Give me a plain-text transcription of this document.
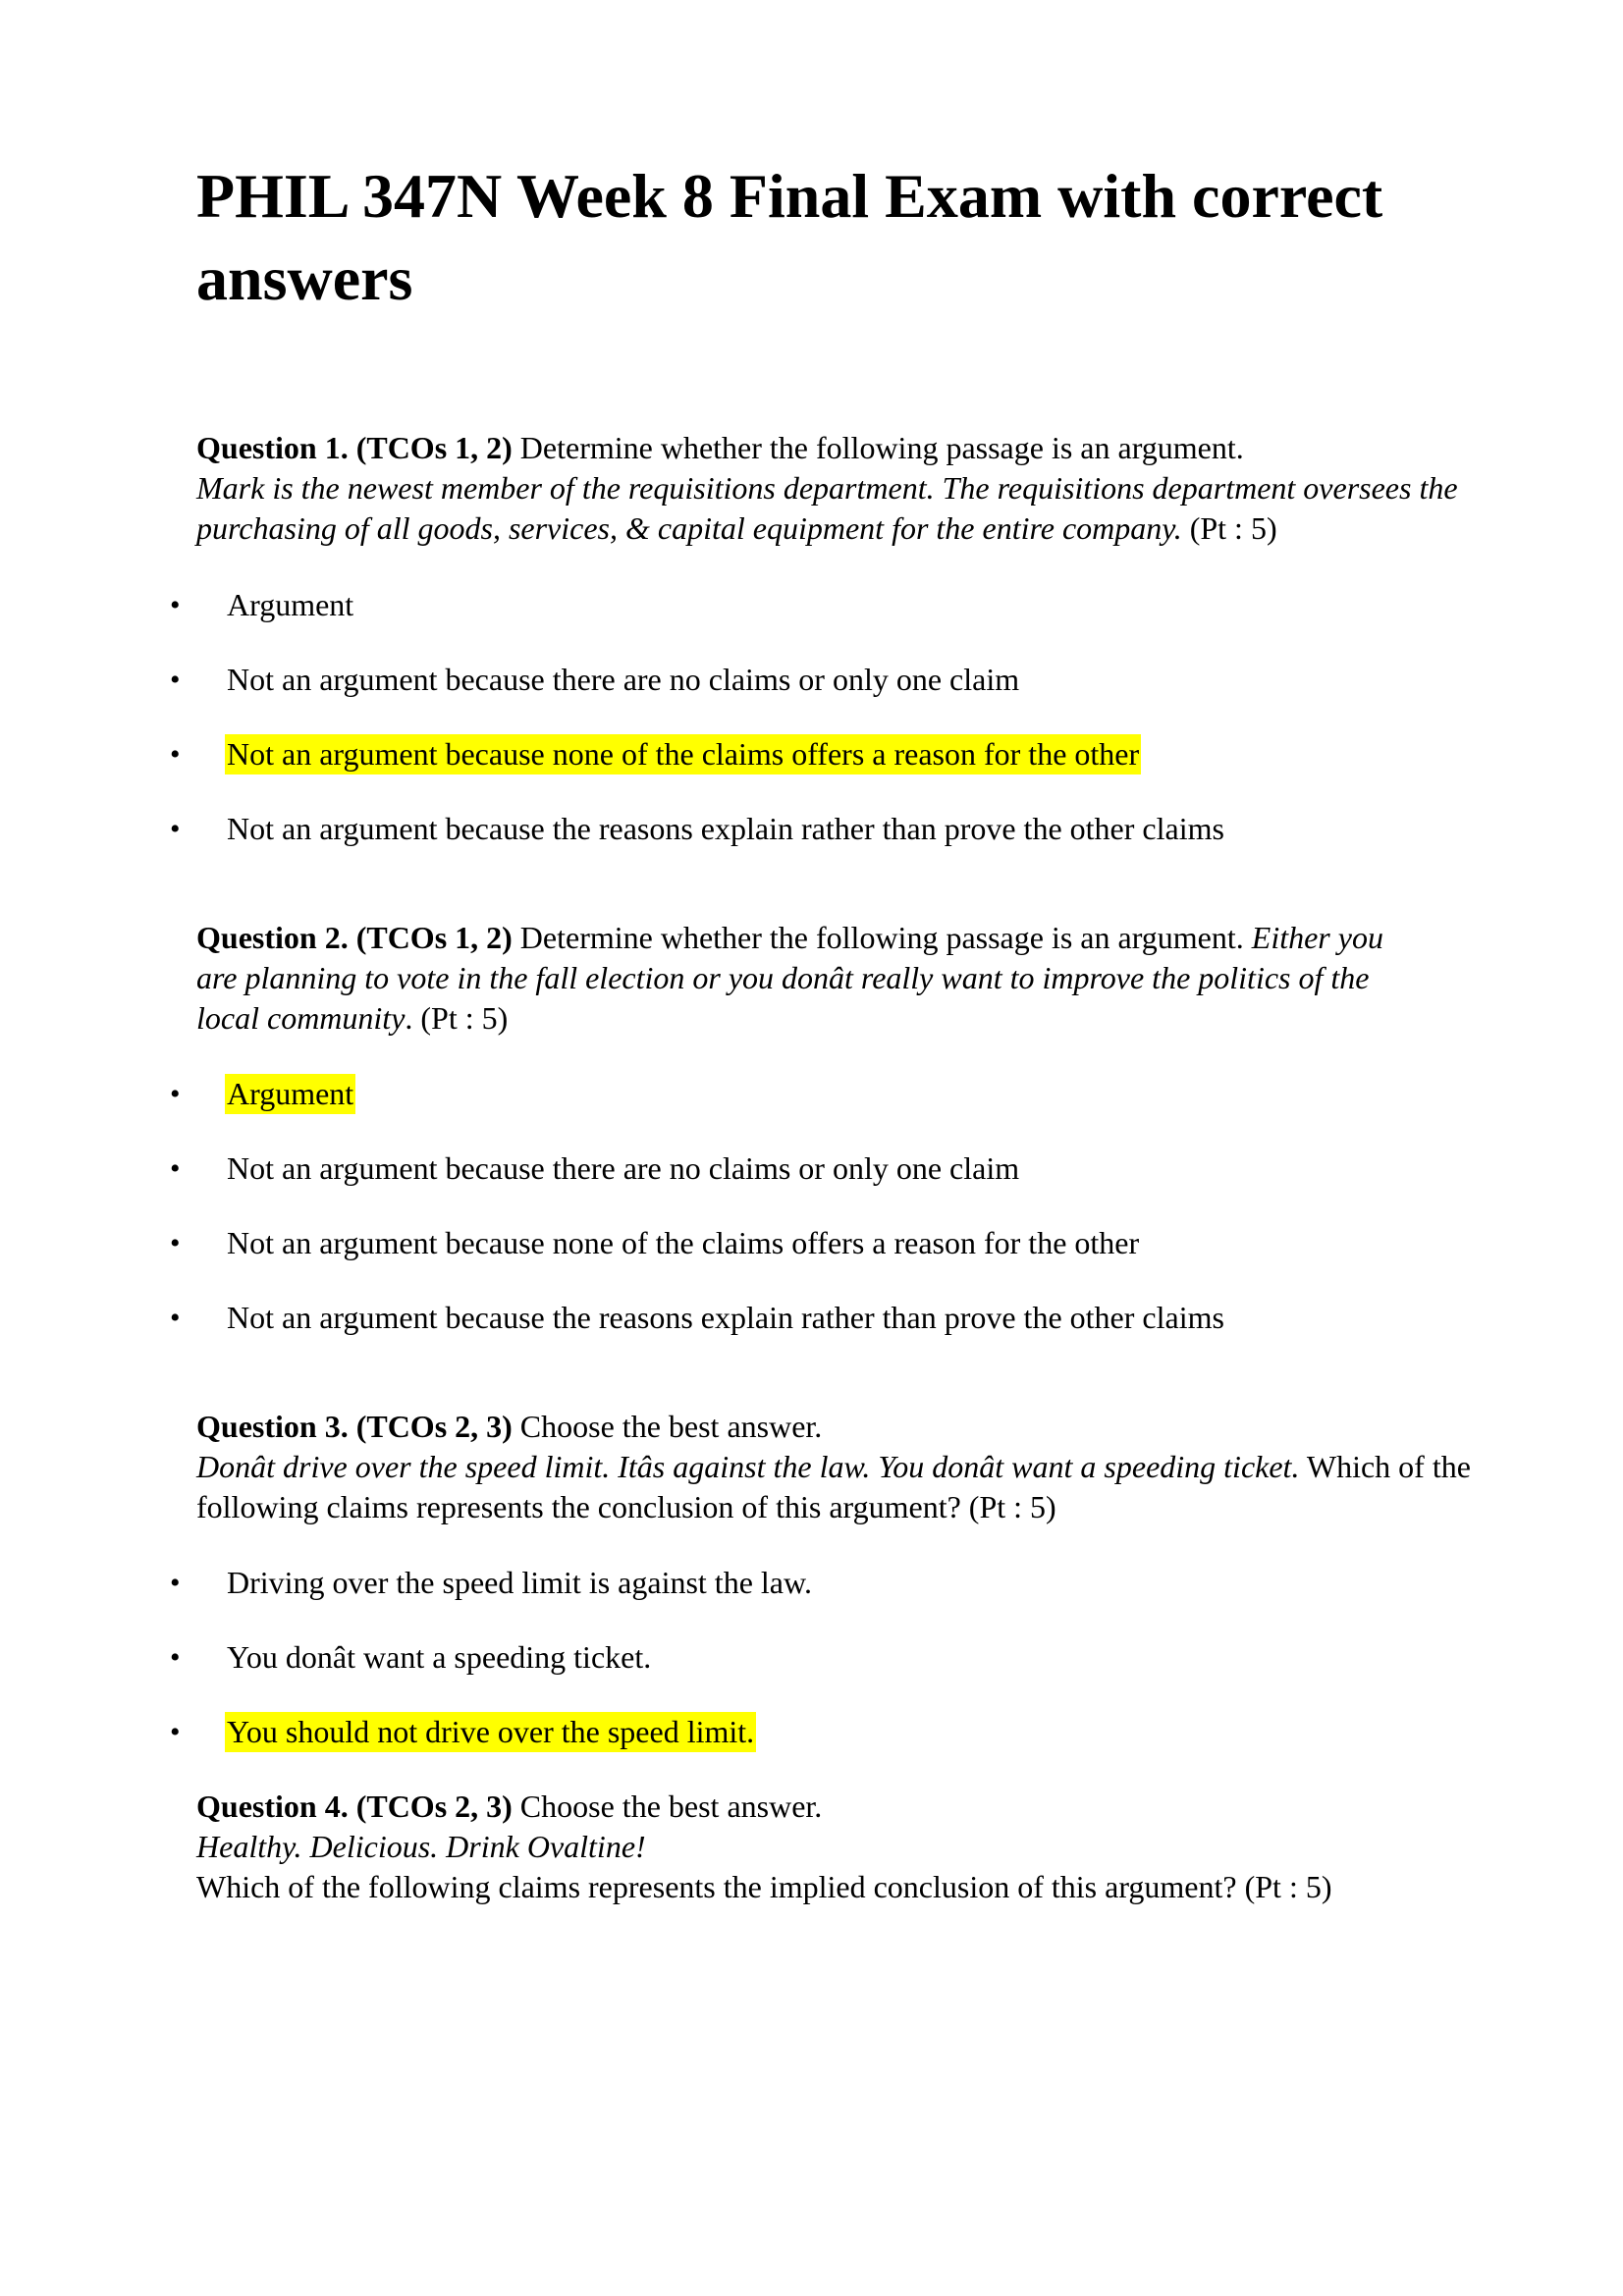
PHIL 347N Week 8 Final Exam with correct answers
Question 1. (TCOs 1, 2) Determine whether the following passage is an argument.
Mark is the newest member of the requisitions department. The requisitions department oversees the purchasing of all goods, services, & capital equipment for the entire company. (Pt : 5)
• Argument
• Not an argument because there are no claims or only one claim
• Not an argument because none of the claims offers a reason for the other
• Not an argument because the reasons explain rather than prove the other claims
Question 2. (TCOs 1, 2) Determine whether the following passage is an argument. Either you are planning to vote in the fall election or you donât really want to improve the politics of the local community. (Pt : 5)
• Argument
• Not an argument because there are no claims or only one claim
• Not an argument because none of the claims offers a reason for the other
• Not an argument because the reasons explain rather than prove the other claims
Question 3. (TCOs 2, 3) Choose the best answer.
Donât drive over the speed limit. Itâs against the law. You donât want a speeding ticket. Which of the following claims represents the conclusion of this argument? (Pt : 5)
• Driving over the speed limit is against the law.
• You donât want a speeding ticket.
• You should not drive over the speed limit.
Question 4. (TCOs 2, 3) Choose the best answer.
Healthy. Delicious. Drink Ovaltine!
Which of the following claims represents the implied conclusion of this argument? (Pt : 5)
